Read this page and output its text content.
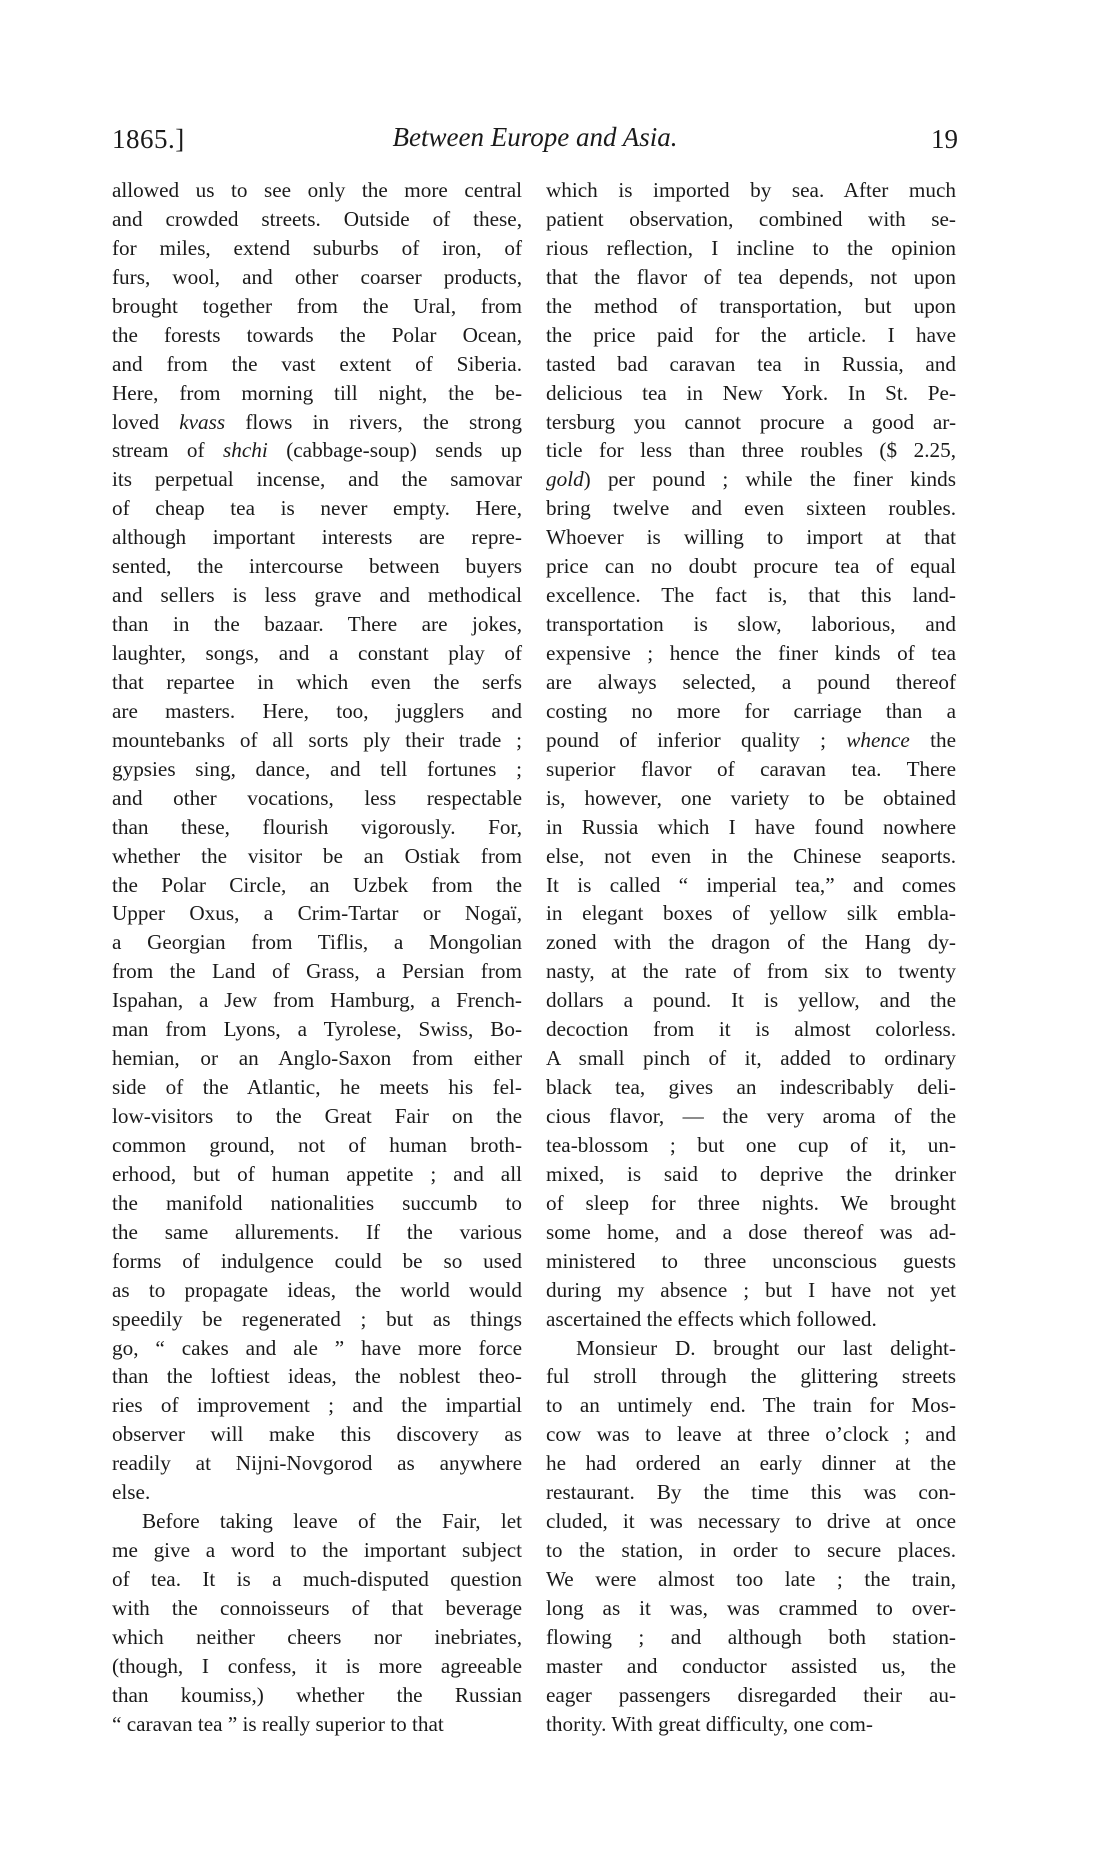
1865.]	Between Europe and Asia.	19
allowed us to see only the more central
and crowded streets. Outside of these,
for miles, extend suburbs of iron, of
furs, wool, and other coarser products,
brought together from the Ural, from
the forests towards the Polar Ocean,
and from the vast extent of Siberia.
Here, from morning till night, the be-
loved kvass flows in rivers, the strong
stream of shchi (cabbage-soup) sends up
its perpetual incense, and the samovar
of cheap tea is never empty. Here,
although important interests are repre-
sented, the intercourse between buyers
and sellers is less grave and methodical
than in the bazaar. There are jokes,
laughter, songs, and a constant play of
that repartee in which even the serfs
are masters. Here, too, jugglers and
mountebanks of all sorts ply their trade ;
gypsies sing, dance, and tell fortunes ;
and other vocations, less respectable
than these, flourish vigorously. For,
whether the visitor be an Ostiak from
the Polar Circle, an Uzbek from the
Upper Oxus, a Crim-Tartar or Nogaï,
a Georgian from Tiflis, a Mongolian
from the Land of Grass, a Persian from
Ispahan, a Jew from Hamburg, a French-
man from Lyons, a Tyrolese, Swiss, Bo-
hemian, or an Anglo-Saxon from either
side of the Atlantic, he meets his fel-
low-visitors to the Great Fair on the
common ground, not of human broth-
erhood, but of human appetite ; and all
the manifold nationalities succumb to
the same allurements. If the various
forms of indulgence could be so used
as to propagate ideas, the world would
speedily be regenerated ; but as things
go, “ cakes and ale ” have more force
than the loftiest ideas, the noblest theo-
ries of improvement ; and the impartial
observer will make this discovery as
readily at Nijni-Novgorod as anywhere
else.
Before taking leave of the Fair, let
me give a word to the important subject
of tea. It is a much-disputed question
with the connoisseurs of that beverage
which neither cheers nor inebriates,
(though, I confess, it is more agreeable
than koumiss,) whether the Russian
“ caravan tea ” is really superior to that
which is imported by sea. After much
patient observation, combined with se-
rious reflection, I incline to the opinion
that the flavor of tea depends, not upon
the method of transportation, but upon
the price paid for the article. I have
tasted bad caravan tea in Russia, and
delicious tea in New York. In St. Pe-
tersburg you cannot procure a good ar-
ticle for less than three roubles ($ 2.25,
gold) per pound ; while the finer kinds
bring twelve and even sixteen roubles.
Whoever is willing to import at that
price can no doubt procure tea of equal
excellence. The fact is, that this land-
transportation is slow, laborious, and
expensive ; hence the finer kinds of tea
are always selected, a pound thereof
costing no more for carriage than a
pound of inferior quality ; whence the
superior flavor of caravan tea. There
is, however, one variety to be obtained
in Russia which I have found nowhere
else, not even in the Chinese seaports.
It is called “ imperial tea,” and comes
in elegant boxes of yellow silk embla-
zoned with the dragon of the Hang dy-
nasty, at the rate of from six to twenty
dollars a pound. It is yellow, and the
decoction from it is almost colorless.
A small pinch of it, added to ordinary
black tea, gives an indescribably deli-
cious flavor, — the very aroma of the
tea-blossom ; but one cup of it, un-
mixed, is said to deprive the drinker
of sleep for three nights. We brought
some home, and a dose thereof was ad-
ministered to three unconscious guests
during my absence ; but I have not yet
ascertained the effects which followed.
Monsieur D. brought our last delight-
ful stroll through the glittering streets
to an untimely end. The train for Mos-
cow was to leave at three o’clock ; and
he had ordered an early dinner at the
restaurant. By the time this was con-
cluded, it was necessary to drive at once
to the station, in order to secure places.
We were almost too late ; the train,
long as it was, was crammed to over-
flowing ; and although both station-
master and conductor assisted us, the
eager passengers disregarded their au-
thority. With great difficulty, one com-
